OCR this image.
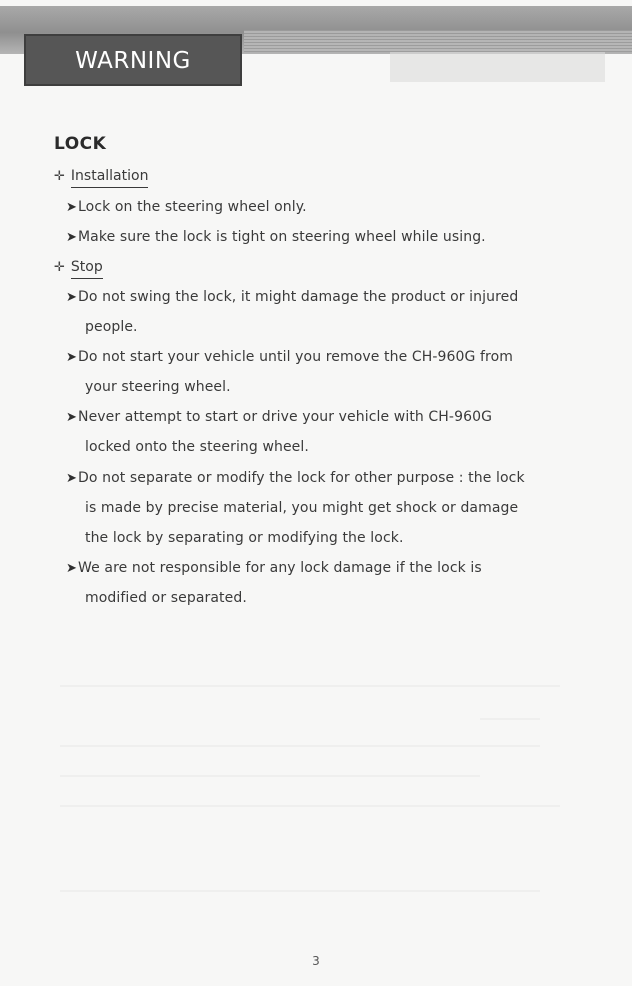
WARNING
LOCK
✛ Installation
➤Lock on the steering wheel only.
➤Make sure the lock is tight on steering wheel while using.
✛ Stop
➤Do not swing the lock, it might damage the product or injured
people.
➤Do not start your vehicle until you remove the CH-960G from
your steering wheel.
➤Never attempt to start or drive your vehicle with CH-960G
locked onto the steering wheel.
➤Do not separate or modify the lock for other purpose : the lock
is made by precise material, you might get shock or damage
the lock by separating or modifying the lock.
➤We are not responsible for any lock damage if the lock is
modified or separated.
3
